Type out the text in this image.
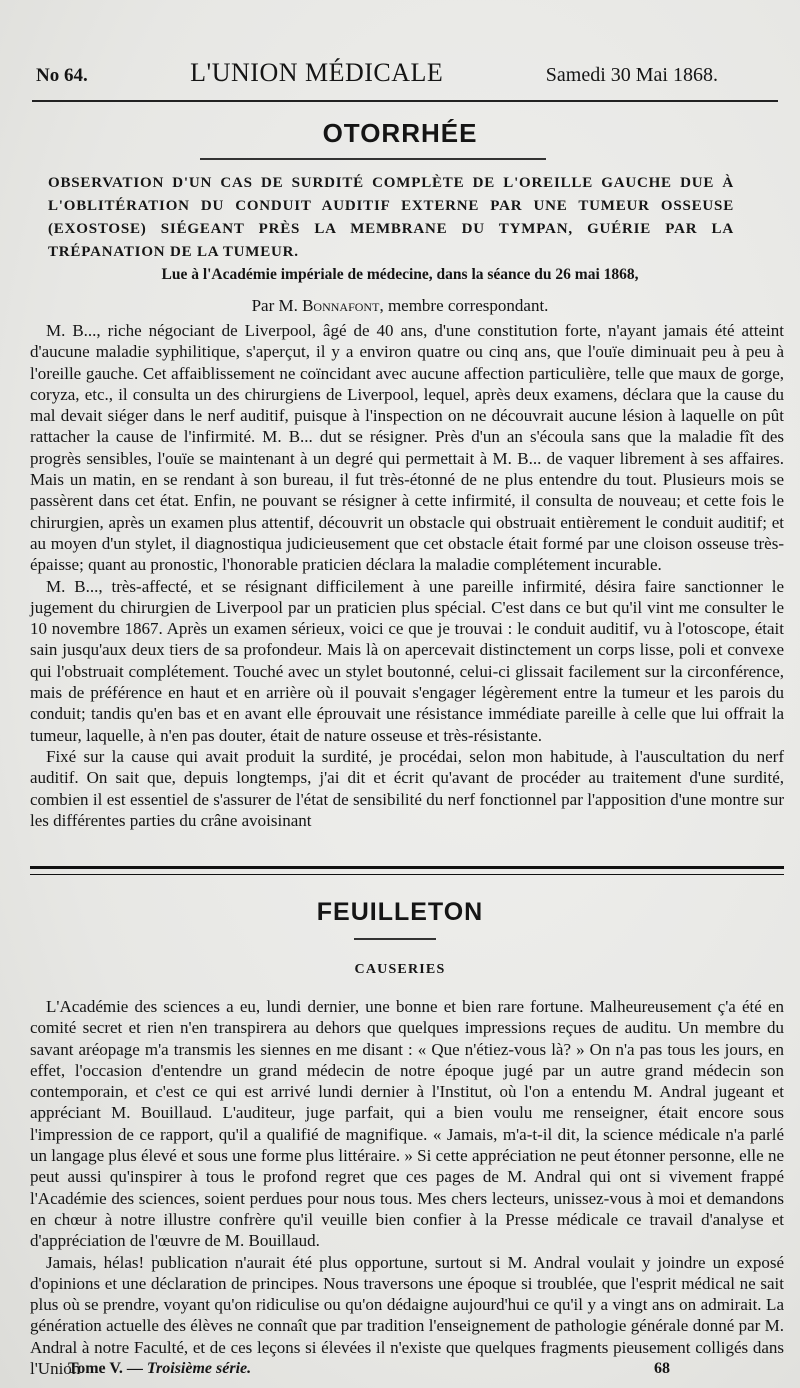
No 64.	L'UNION MÉDICALE	Samedi 30 Mai 1868.
OTORRHÉE
OBSERVATION D'UN CAS DE SURDITÉ COMPLÈTE DE L'OREILLE GAUCHE DUE À L'OBLITÉRATION DU CONDUIT AUDITIF EXTERNE PAR UNE TUMEUR OSSEUSE (EXOSTOSE) SIÉGEANT PRÈS LA MEMBRANE DU TYMPAN, GUÉRIE PAR LA TRÉPANATION DE LA TUMEUR.
Lue à l'Académie impériale de médecine, dans la séance du 26 mai 1868,
Par M. Bonnafont, membre correspondant.

M. B..., riche négociant de Liverpool, âgé de 40 ans, d'une constitution forte, n'ayant jamais été atteint d'aucune maladie syphilitique, s'aperçut, il y a environ quatre ou cinq ans, que l'ouïe diminuait peu à peu à l'oreille gauche. Cet affaiblissement ne coïncidant avec aucune affection particulière, telle que maux de gorge, coryza, etc., il consulta un des chirurgiens de Liverpool, lequel, après deux examens, déclara que la cause du mal devait siéger dans le nerf auditif, puisque à l'inspection on ne découvrait aucune lésion à laquelle on pût rattacher la cause de l'infirmité. M. B... dut se résigner. Près d'un an s'écoula sans que la maladie fît des progrès sensibles, l'ouïe se maintenant à un degré qui permettait à M. B... de vaquer librement à ses affaires. Mais un matin, en se rendant à son bureau, il fut très-étonné de ne plus entendre du tout. Plusieurs mois se passèrent dans cet état. Enfin, ne pouvant se résigner à cette infirmité, il consulta de nouveau; et cette fois le chirurgien, après un examen plus attentif, découvrit un obstacle qui obstruait entièrement le conduit auditif; et au moyen d'un stylet, il diagnostiqua judicieusement que cet obstacle était formé par une cloison osseuse très-épaisse; quant au pronostic, l'honorable praticien déclara la maladie complétement incurable.

M. B..., très-affecté, et se résignant difficilement à une pareille infirmité, désira faire sanctionner le jugement du chirurgien de Liverpool par un praticien plus spécial. C'est dans ce but qu'il vint me consulter le 10 novembre 1867. Après un examen sérieux, voici ce que je trouvai : le conduit auditif, vu à l'otoscope, était sain jusqu'aux deux tiers de sa profondeur. Mais là on apercevait distinctement un corps lisse, poli et convexe qui l'obstruait complétement. Touché avec un stylet boutonné, celui-ci glissait facilement sur la circonférence, mais de préférence en haut et en arrière où il pouvait s'engager légèrement entre la tumeur et les parois du conduit; tandis qu'en bas et en avant elle éprouvait une résistance immédiate pareille à celle que lui offrait la tumeur, laquelle, à n'en pas douter, était de nature osseuse et très-résistante.

Fixé sur la cause qui avait produit la surdité, je procédai, selon mon habitude, à l'auscultation du nerf auditif. On sait que, depuis longtemps, j'ai dit et écrit qu'avant de procéder au traitement d'une surdité, combien il est essentiel de s'assurer de l'état de sensibilité du nerf fonctionnel par l'apposition d'une montre sur les différentes parties du crâne avoisinant

FEUILLETON
CAUSERIES

L'Académie des sciences a eu, lundi dernier, une bonne et bien rare fortune. Malheureusement ç'a été en comité secret et rien n'en transpirera au dehors que quelques impressions reçues de auditu. Un membre du savant aréopage m'a transmis les siennes en me disant : « Que n'étiez-vous là? » On n'a pas tous les jours, en effet, l'occasion d'entendre un grand médecin de notre époque jugé par un autre grand médecin son contemporain, et c'est ce qui est arrivé lundi dernier à l'Institut, où l'on a entendu M. Andral jugeant et appréciant M. Bouillaud. L'auditeur, juge parfait, qui a bien voulu me renseigner, était encore sous l'impression de ce rapport, qu'il a qualifié de magnifique. « Jamais, m'a-t-il dit, la science médicale n'a parlé un langage plus élevé et sous une forme plus littéraire. » Si cette appréciation ne peut étonner personne, elle ne peut aussi qu'inspirer à tous le profond regret que ces pages de M. Andral qui ont si vivement frappé l'Académie des sciences, soient perdues pour nous tous. Mes chers lecteurs, unissez-vous à moi et demandons en chœur à notre illustre confrère qu'il veuille bien confier à la Presse médicale ce travail d'analyse et d'appréciation de l'œuvre de M. Bouillaud.

Jamais, hélas! publication n'aurait été plus opportune, surtout si M. Andral voulait y joindre un exposé d'opinions et une déclaration de principes. Nous traversons une époque si troublée, que l'esprit médical ne sait plus où se prendre, voyant qu'on ridiculise ou qu'on dédaigne aujourd'hui ce qu'il y a vingt ans on admirait. La génération actuelle des élèves ne connaît que par tradition l'enseignement de pathologie générale donné par M. Andral à notre Faculté, et de ces leçons si élevées il n'existe que quelques fragments pieusement colligés dans l'Union

Tome V. — Troisième série.	68
